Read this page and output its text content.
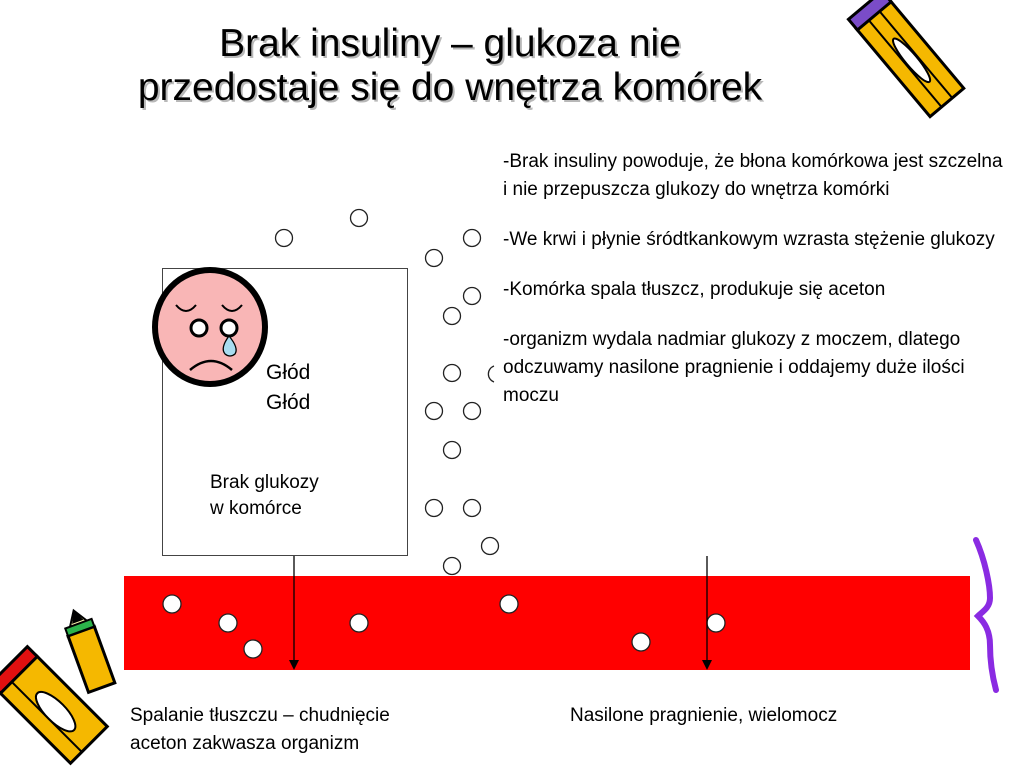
Brak insuliny – glukoza nie
przedostaje się do wnętrza komórek

-Brak insuliny powoduje, że błona komórkowa jest szczelna i nie przepuszcza glukozy do wnętrza komórki

-We krwi i płynie śródtkankowym wzrasta stężenie glukozy

-Komórka spala tłuszcz, produkuje się aceton

-organizm wydala nadmiar glukozy z moczem, dlatego odczuwamy nasilone pragnienie i oddajemy duże ilości moczu

Głód
Głód
Brak glukozy
w komórce
Spalanie tłuszczu – chudnięcie
aceton zakwasza organizm
Nasilone pragnienie, wielomocz
